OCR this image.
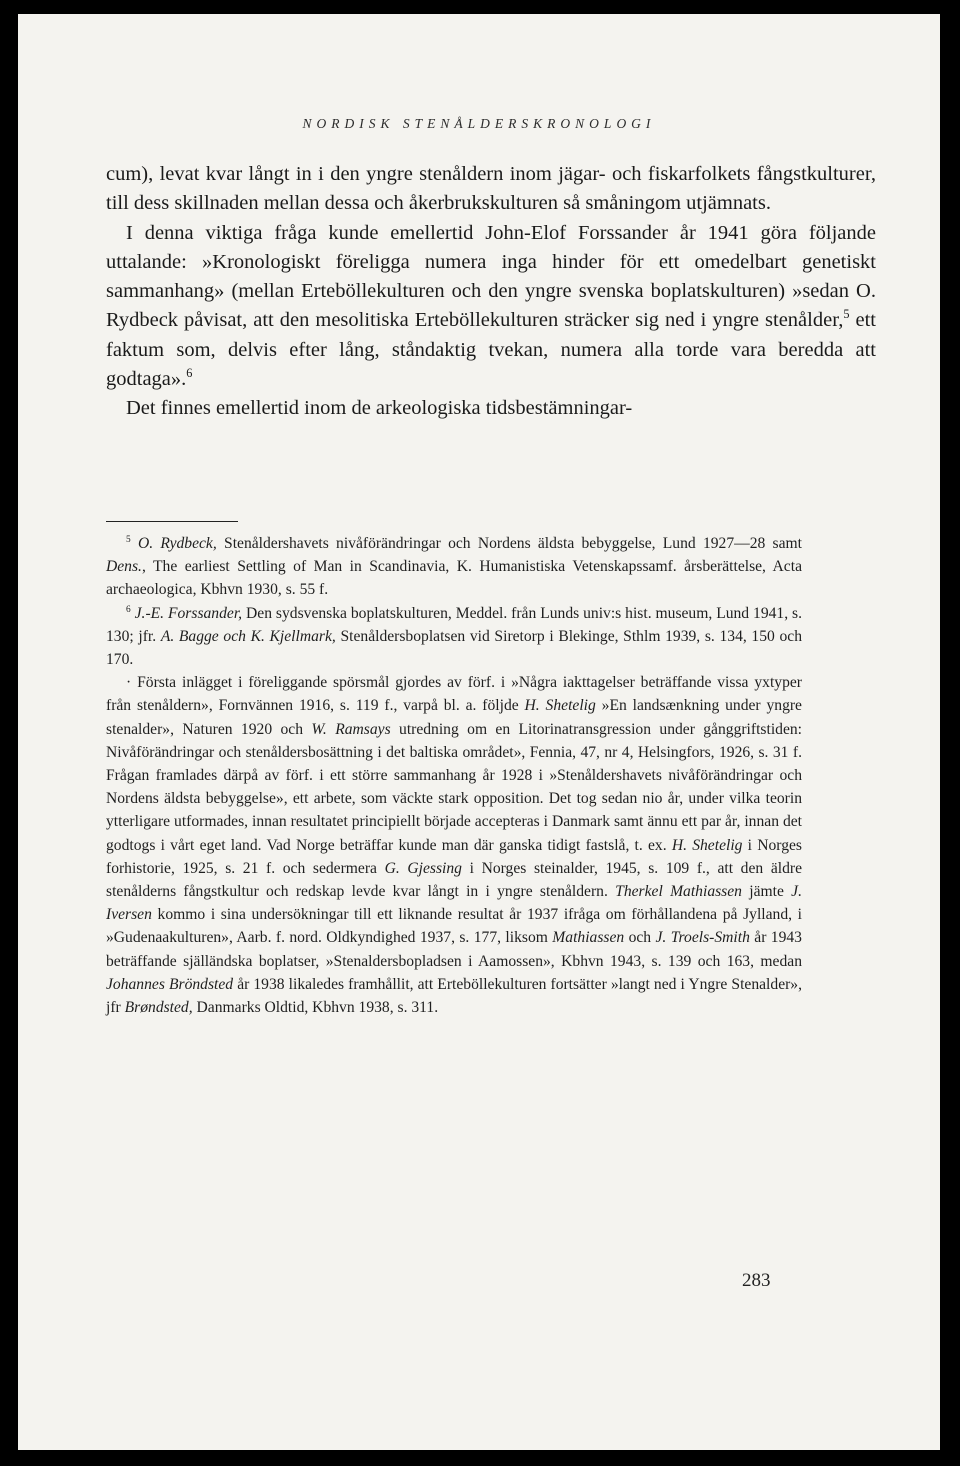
NORDISK STENÅLDERSKRONOLOGI

cum), levat kvar långt in i den yngre stenåldern inom jägar- och fiskarfolkets fångstkulturer, till dess skillnaden mellan dessa och åkerbrukskulturen så småningom utjämnats.

I denna viktiga fråga kunde emellertid John-Elof Forssander år 1941 göra följande uttalande: »Kronologiskt föreligga numera inga hinder för ett omedelbart genetiskt sammanhang» (mellan Erteböllekulturen och den yngre svenska boplatskulturen) »sedan O. Rydbeck påvisat, att den mesolitiska Erteböllekulturen sträcker sig ned i yngre stenålder,$^5$ ett faktum som, delvis efter lång, ståndaktig tvekan, numera alla torde vara beredda att godtaga».$^6$

Det finnes emellertid inom de arkeologiska tidsbestämningar-

$^5$ O. Rydbeck, Stenåldershavets nivåförändringar och Nordens äldsta bebyggelse, Lund 1927—28 samt Dens., The earliest Settling of Man in Scandinavia, K. Humanistiska Vetenskapssamf. årsberättelse, Acta archaeologica, Kbhvn 1930, s. 55 f.

$^6$ J.-E. Forssander, Den sydsvenska boplatskulturen, Meddel. från Lunds univ:s hist. museum, Lund 1941, s. 130; jfr. A. Bagge och K. Kjellmark, Stenåldersboplatsen vid Siretorp i Blekinge, Sthlm 1939, s. 134, 150 och 170.

· Första inlägget i föreliggande spörsmål gjordes av förf. i »Några iakttagelser beträffande vissa yxtyper från stenåldern», Fornvännen 1916, s. 119 f., varpå bl. a. följde H. Shetelig »En landsænkning under yngre stenalder», Naturen 1920 och W. Ramsays utredning om en Litorinatransgression under gånggriftstiden: Nivåförändringar och stenåldersbosättning i det baltiska området», Fennia, 47, nr 4, Helsingfors, 1926, s. 31 f. Frågan framlades därpå av förf. i ett större sammanhang år 1928 i »Stenåldershavets nivåförändringar och Nordens äldsta bebyggelse», ett arbete, som väckte stark opposition. Det tog sedan nio år, under vilka teorin ytterligare utformades, innan resultatet principiellt började accepteras i Danmark samt ännu ett par år, innan det godtogs i vårt eget land. Vad Norge beträffar kunde man där ganska tidigt fastslå, t. ex. H. Shetelig i Norges forhistorie, 1925, s. 21 f. och sedermera G. Gjessing i Norges steinalder, 1945, s. 109 f., att den äldre stenålderns fångstkultur och redskap levde kvar långt in i yngre stenåldern. Therkel Mathiassen jämte J. Iversen kommo i sina undersökningar till ett liknande resultat år 1937 ifråga om förhållandena på Jylland, i »Gudenaakulturen», Aarb. f. nord. Oldkyndighed 1937, s. 177, liksom Mathiassen och J. Troels-Smith år 1943 beträffande själländska boplatser, »Stenaldersbopladsen i Aamossen», Kbhvn 1943, s. 139 och 163, medan Johannes Bröndsted år 1938 likaledes framhållit, att Erteböllekulturen fortsätter »langt ned i Yngre Stenalder», jfr Brøndsted, Danmarks Oldtid, Kbhvn 1938, s. 311.

283
